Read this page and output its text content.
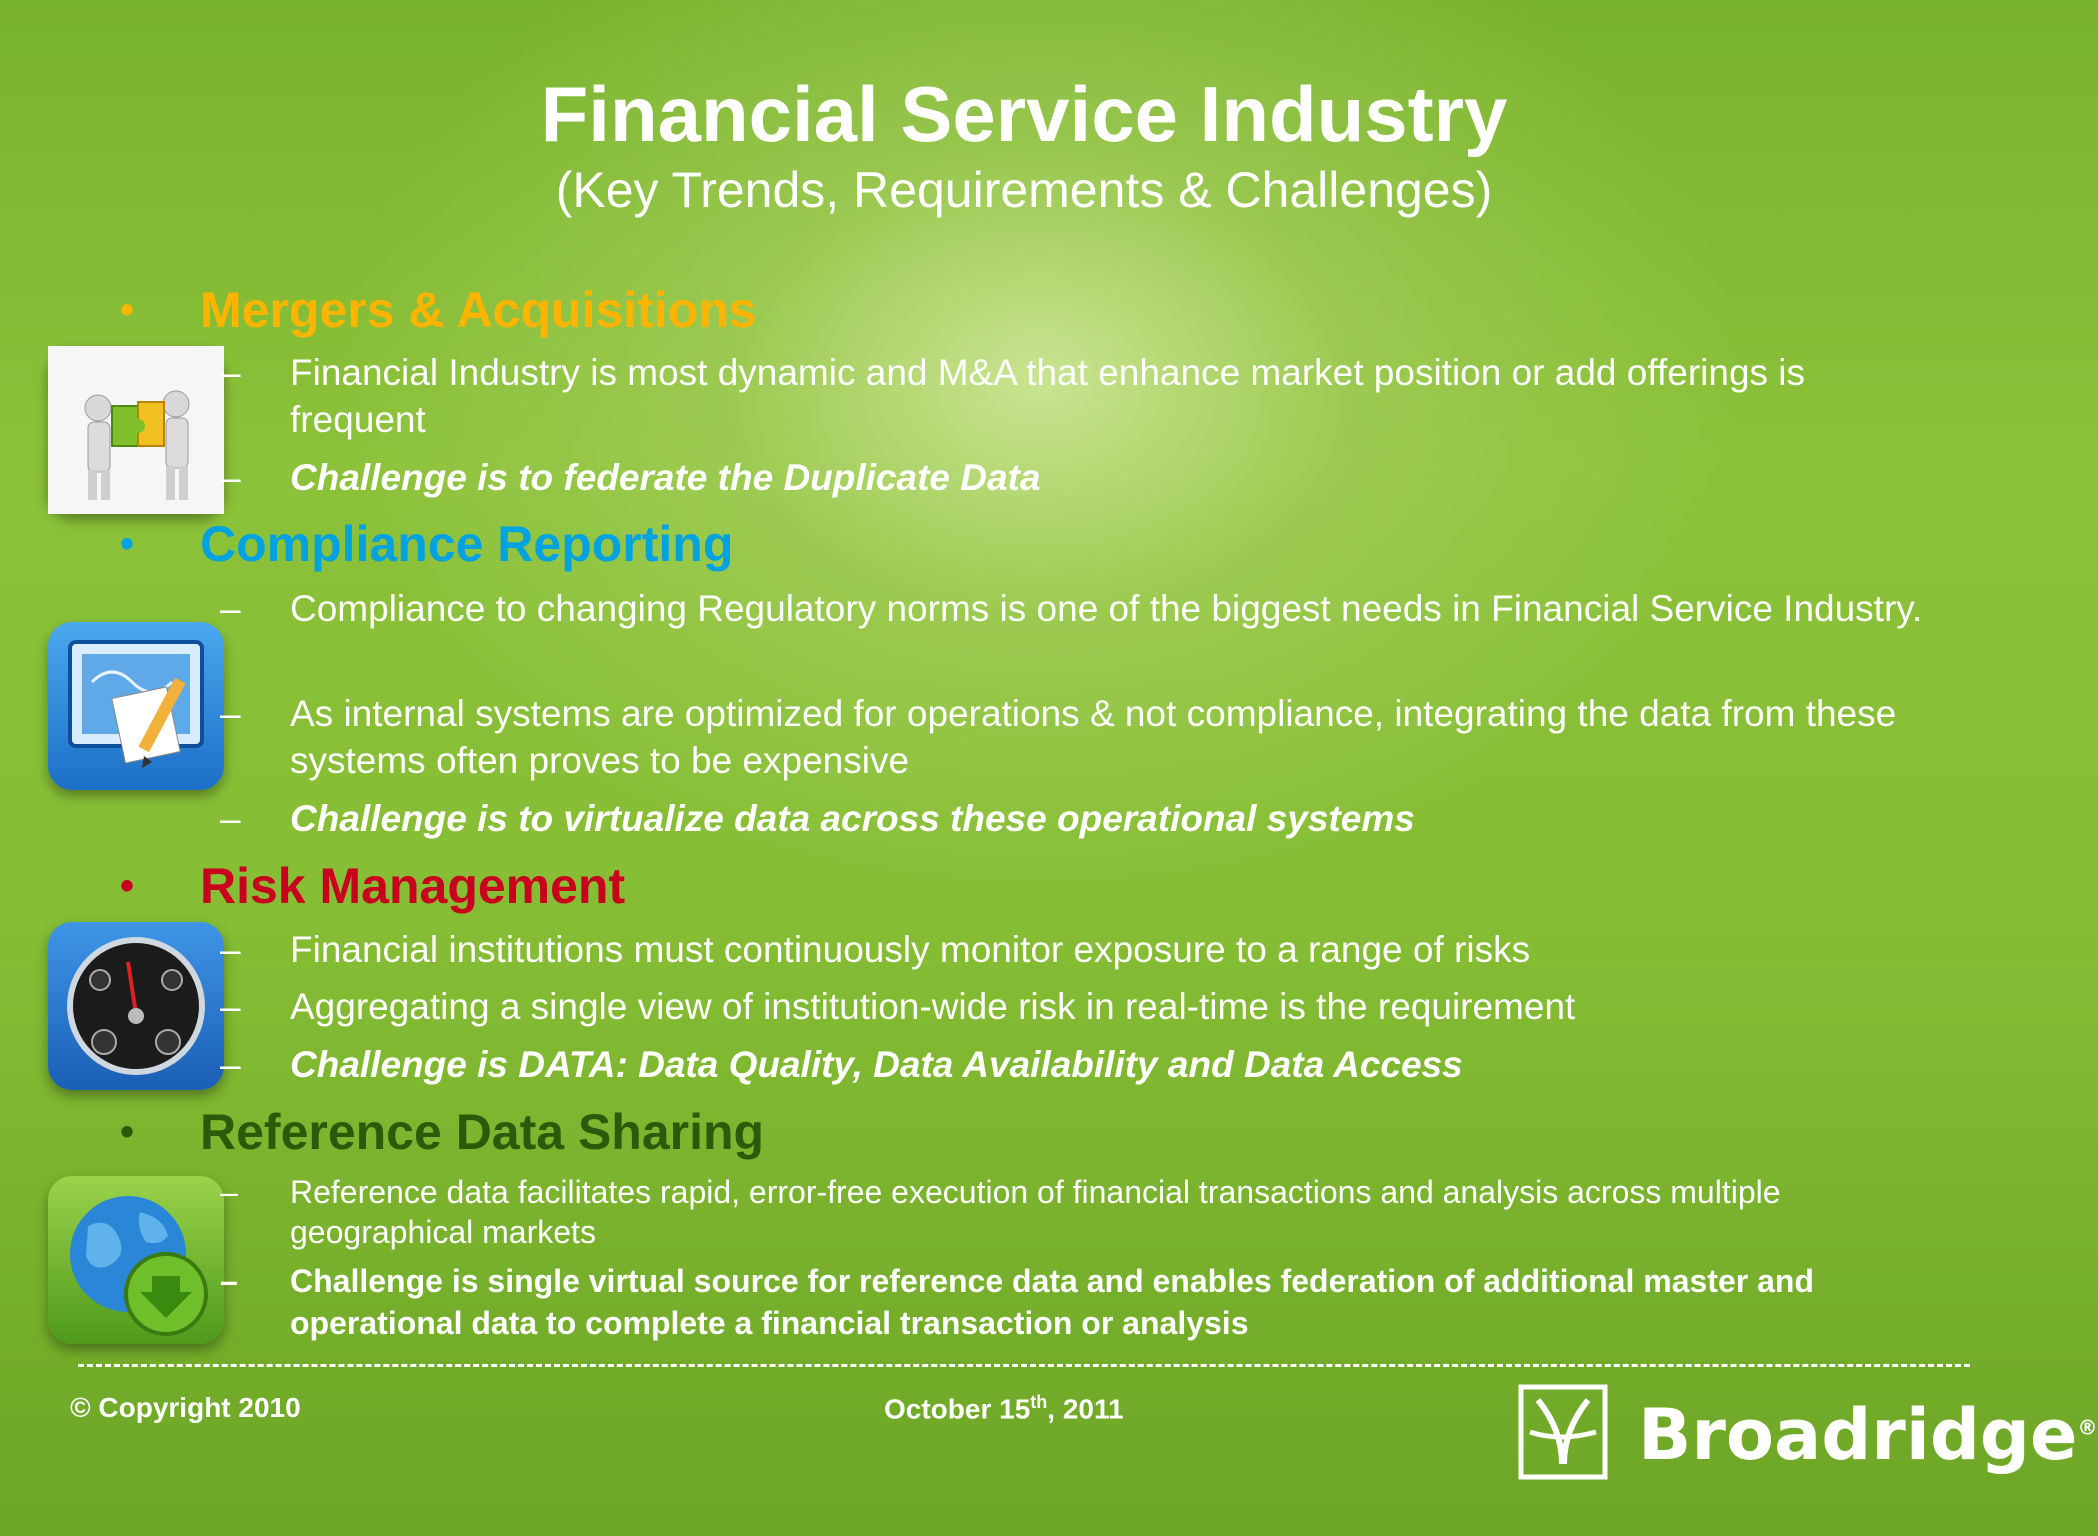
Financial Service Industry
(Key Trends, Requirements & Challenges)
•	Mergers & Acquisitions
– Financial Industry is most dynamic and M&A that enhance market position or add offerings is frequent
– Challenge is to federate the Duplicate Data
•	Compliance Reporting
– Compliance to changing Regulatory norms is one of the biggest needs in Financial Service Industry.
– As internal systems are optimized for operations & not compliance, integrating the data from these systems often proves to be expensive
– Challenge is to virtualize data across these operational systems
•	Risk Management
– Financial institutions must continuously monitor exposure to a range of risks
– Aggregating a single view of institution-wide risk in real-time is the requirement
– Challenge is DATA: Data Quality, Data Availability and Data Access
•	Reference Data Sharing
– Reference data facilitates rapid, error-free execution of financial transactions and analysis across multiple geographical markets
– Challenge is single virtual source for reference data and enables federation of additional master and operational data to complete a financial transaction or analysis
© Copyright 2010	October 15th, 2011	Broadridge®
